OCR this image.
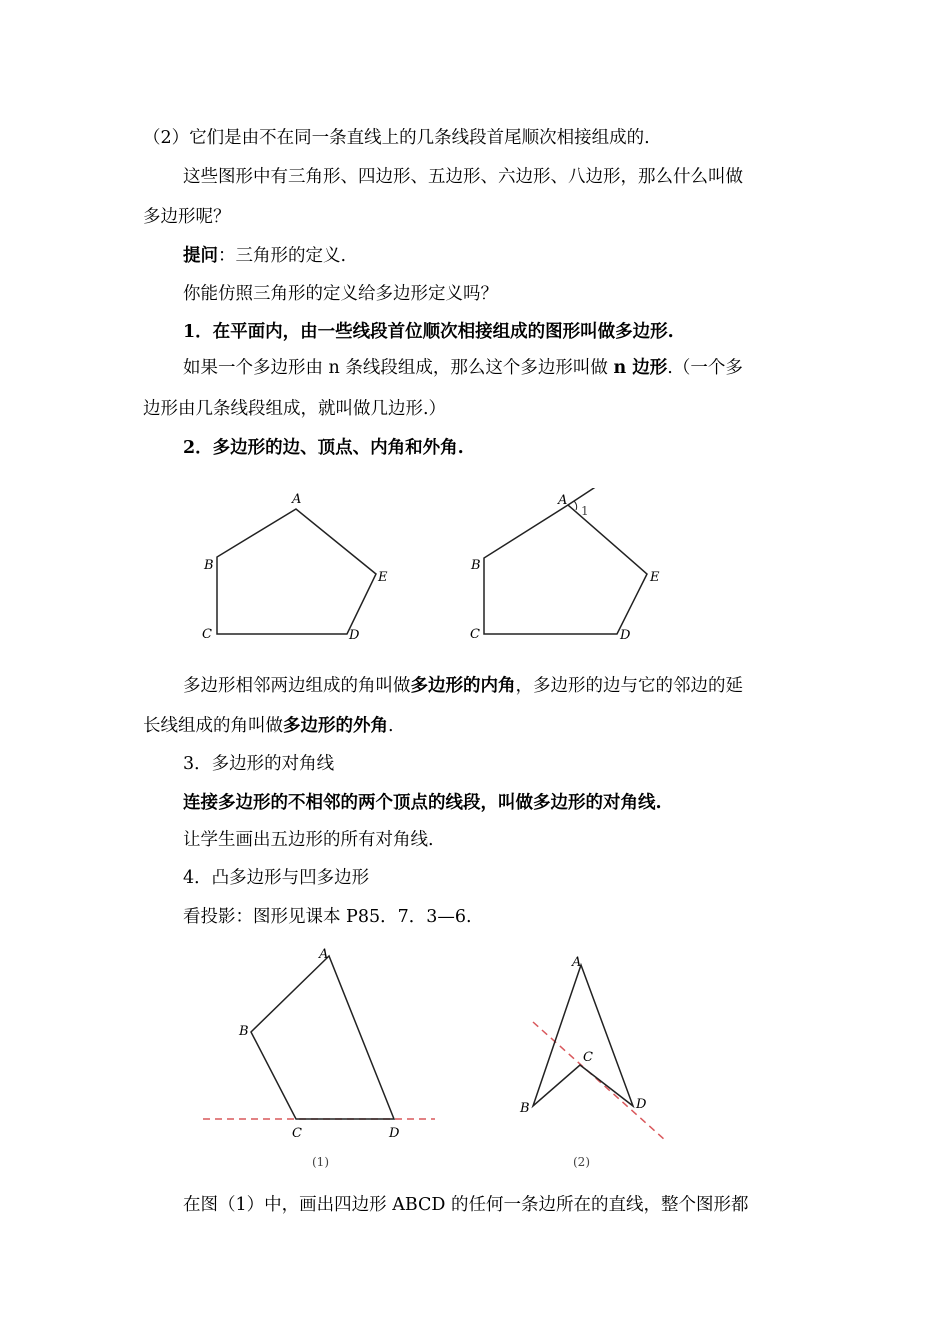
（2）它们是由不在同一条直线上的几条线段首尾顺次相接组成的.
这些图形中有三角形、四边形、五边形、六边形、八边形，那么什么叫做
多边形呢？
提问：三角形的定义.
你能仿照三角形的定义给多边形定义吗？
1．在平面内，由一些线段首位顺次相接组成的图形叫做多边形.
如果一个多边形由 n 条线段组成，那么这个多边形叫做 n 边形.（一个多
边形由几条线段组成，就叫做几边形.）
2．多边形的边、顶点、内角和外角.
A
B
C	D
E
A
1
B
C	D
E
多边形相邻两边组成的角叫做多边形的内角，多边形的边与它的邻边的延
长线组成的角叫做多边形的外角.
3．多边形的对角线
连接多边形的不相邻的两个顶点的线段，叫做多边形的对角线.
让学生画出五边形的所有对角线.
4．凸多边形与凹多边形
看投影：图形见课本 P85．7．3—6.
A
B
C	D
(1)
A
B
C
D
(2)
在图（1）中，画出四边形 ABCD 的任何一条边所在的直线，整个图形都
